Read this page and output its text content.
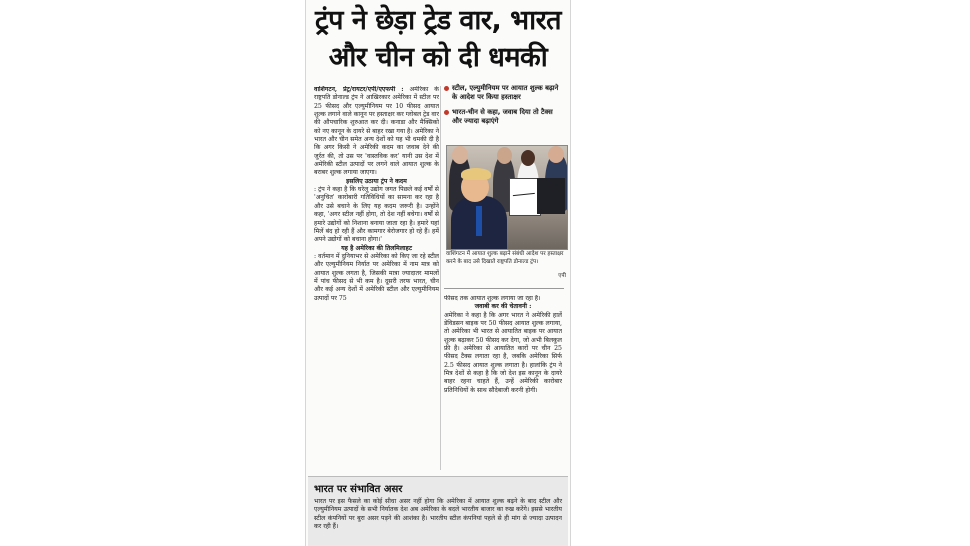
ट्रंप ने छेड़ा ट्रेड वार, भारत
और चीन को दी धमकी

वाशिंगटन, प्रेट्र/रायटर/एपी/एएफपी : अमेरिका के राष्ट्रपति डोनाल्ड ट्रंप ने आखिरकार अमेरिका में स्टील पर 25 फीसद और एल्युमीनियम पर 10 फीसद आयात शुल्क लगाने वाले कानून पर हस्ताक्षर कर ग्लोबल ट्रेड वार की औपचारिक शुरुआत कर दी। कनाडा और मैक्सिको को नए कानून के दायरे से बाहर रखा गया है। अमेरिका ने भारत और चीन समेत अन्य देशों को यह भी धमकी दी है कि अगर किसी ने अमेरिकी कदम का जवाब देने की जुर्रत की, तो उस पर 'वास्तविक कर' यानी उस देश में अमेरिकी स्टील उत्पादों पर लगने वाले आयात शुल्क के बराबर शुल्क लगाया जाएगा।

इसलिए उठाया ट्रंप ने कदम

: ट्रंप ने कहा है कि घरेलू उद्योग जगत पिछले कई वर्षों से 'अनुचित' कारोबारी गतिविधियों का सामना कर रहा है और उसे बचाने के लिए यह कदम जरूरी है। उन्होंने कहा, 'अगर स्टील नहीं होगा, तो देश नहीं बचेगा। वर्षों से हमारे उद्योगों को निशाना बनाया जाता रहा है। हमारे यहां मिलें बंद हो रही हैं और कामगार बेरोजगार हो रहे हैं। हमें अपने उद्योगों को बचाना होगा।'

यह है अमेरिका की तिलमिलाहट

: वर्तमान में दुनियाभर से अमेरिका को किए जा रहे स्टील और एल्युमीनियम निर्यात पर अमेरिका में नाम मात्र को आयात शुल्क लगता है, जिसकी मात्रा ज्यादातर मामलों में पांच फीसद से भी कम है। दूसरी तरफ भारत, चीन और कई अन्य देशों में अमेरिकी स्टील और एल्युमीनियम उत्पादों पर 75

स्टील, एल्युमीनियम पर आयात शुल्क बढ़ाने के आदेश पर किया हस्ताक्षर
भारत-चीन से कहा, जवाब दिया तो टैक्स और ज्यादा बढ़ाएंगे
वाशिंगटन में आयात शुल्क बढ़ाने संबंधी आदेश पर हस्ताक्षर करने के बाद उसे दिखाते राष्ट्रपति डोनाल्ड ट्रंप।
एपी

फीसद तक आयात शुल्क लगाया जा रहा है।

जवाबी कर की चेतावनी :

अमेरिका ने कहा है कि अगर भारत ने अमेरिकी हार्ले डेविडसन बाइक पर 50 फीसद आयात शुल्क लगाया, तो अमेरिका भी भारत से आयातित बाइक पर आयात शुल्क बढ़ाकर 50 फीसद कर देगा, जो अभी बिलकुल फ्री है। अमेरिका से आयातित कारों पर चीन 25 फीसद टैक्स लगाता रहा है, जबकि अमेरिका सिर्फ 2.5 फीसद आयात शुल्क लगाता है। हालांकि ट्रंप ने मित्र देशों से कहा है कि जो देश इस कानून के दायरे बाहर रहना चाहते हैं, उन्हें अमेरिकी कारोबार प्रतिनिधियों के साथ सौदेबाजी करनी होगी।

भारत पर संभावित असर
भारत पर इस फैसले का कोई सीधा असर नहीं होगा कि अमेरिका में आयात शुल्क बढ़ने के बाद स्टील और एल्युमीनियम उत्पादों के सभी निर्यातक देश अब अमेरिका के बदले भारतीय बाजार का रुख करेंगे। इससे भारतीय स्टील कंपनियों पर बुरा असर पड़ने की आशंका है। भारतीय स्टील कंपनियां पहले से ही मांग से ज्यादा उत्पादन कर रही हैं।
